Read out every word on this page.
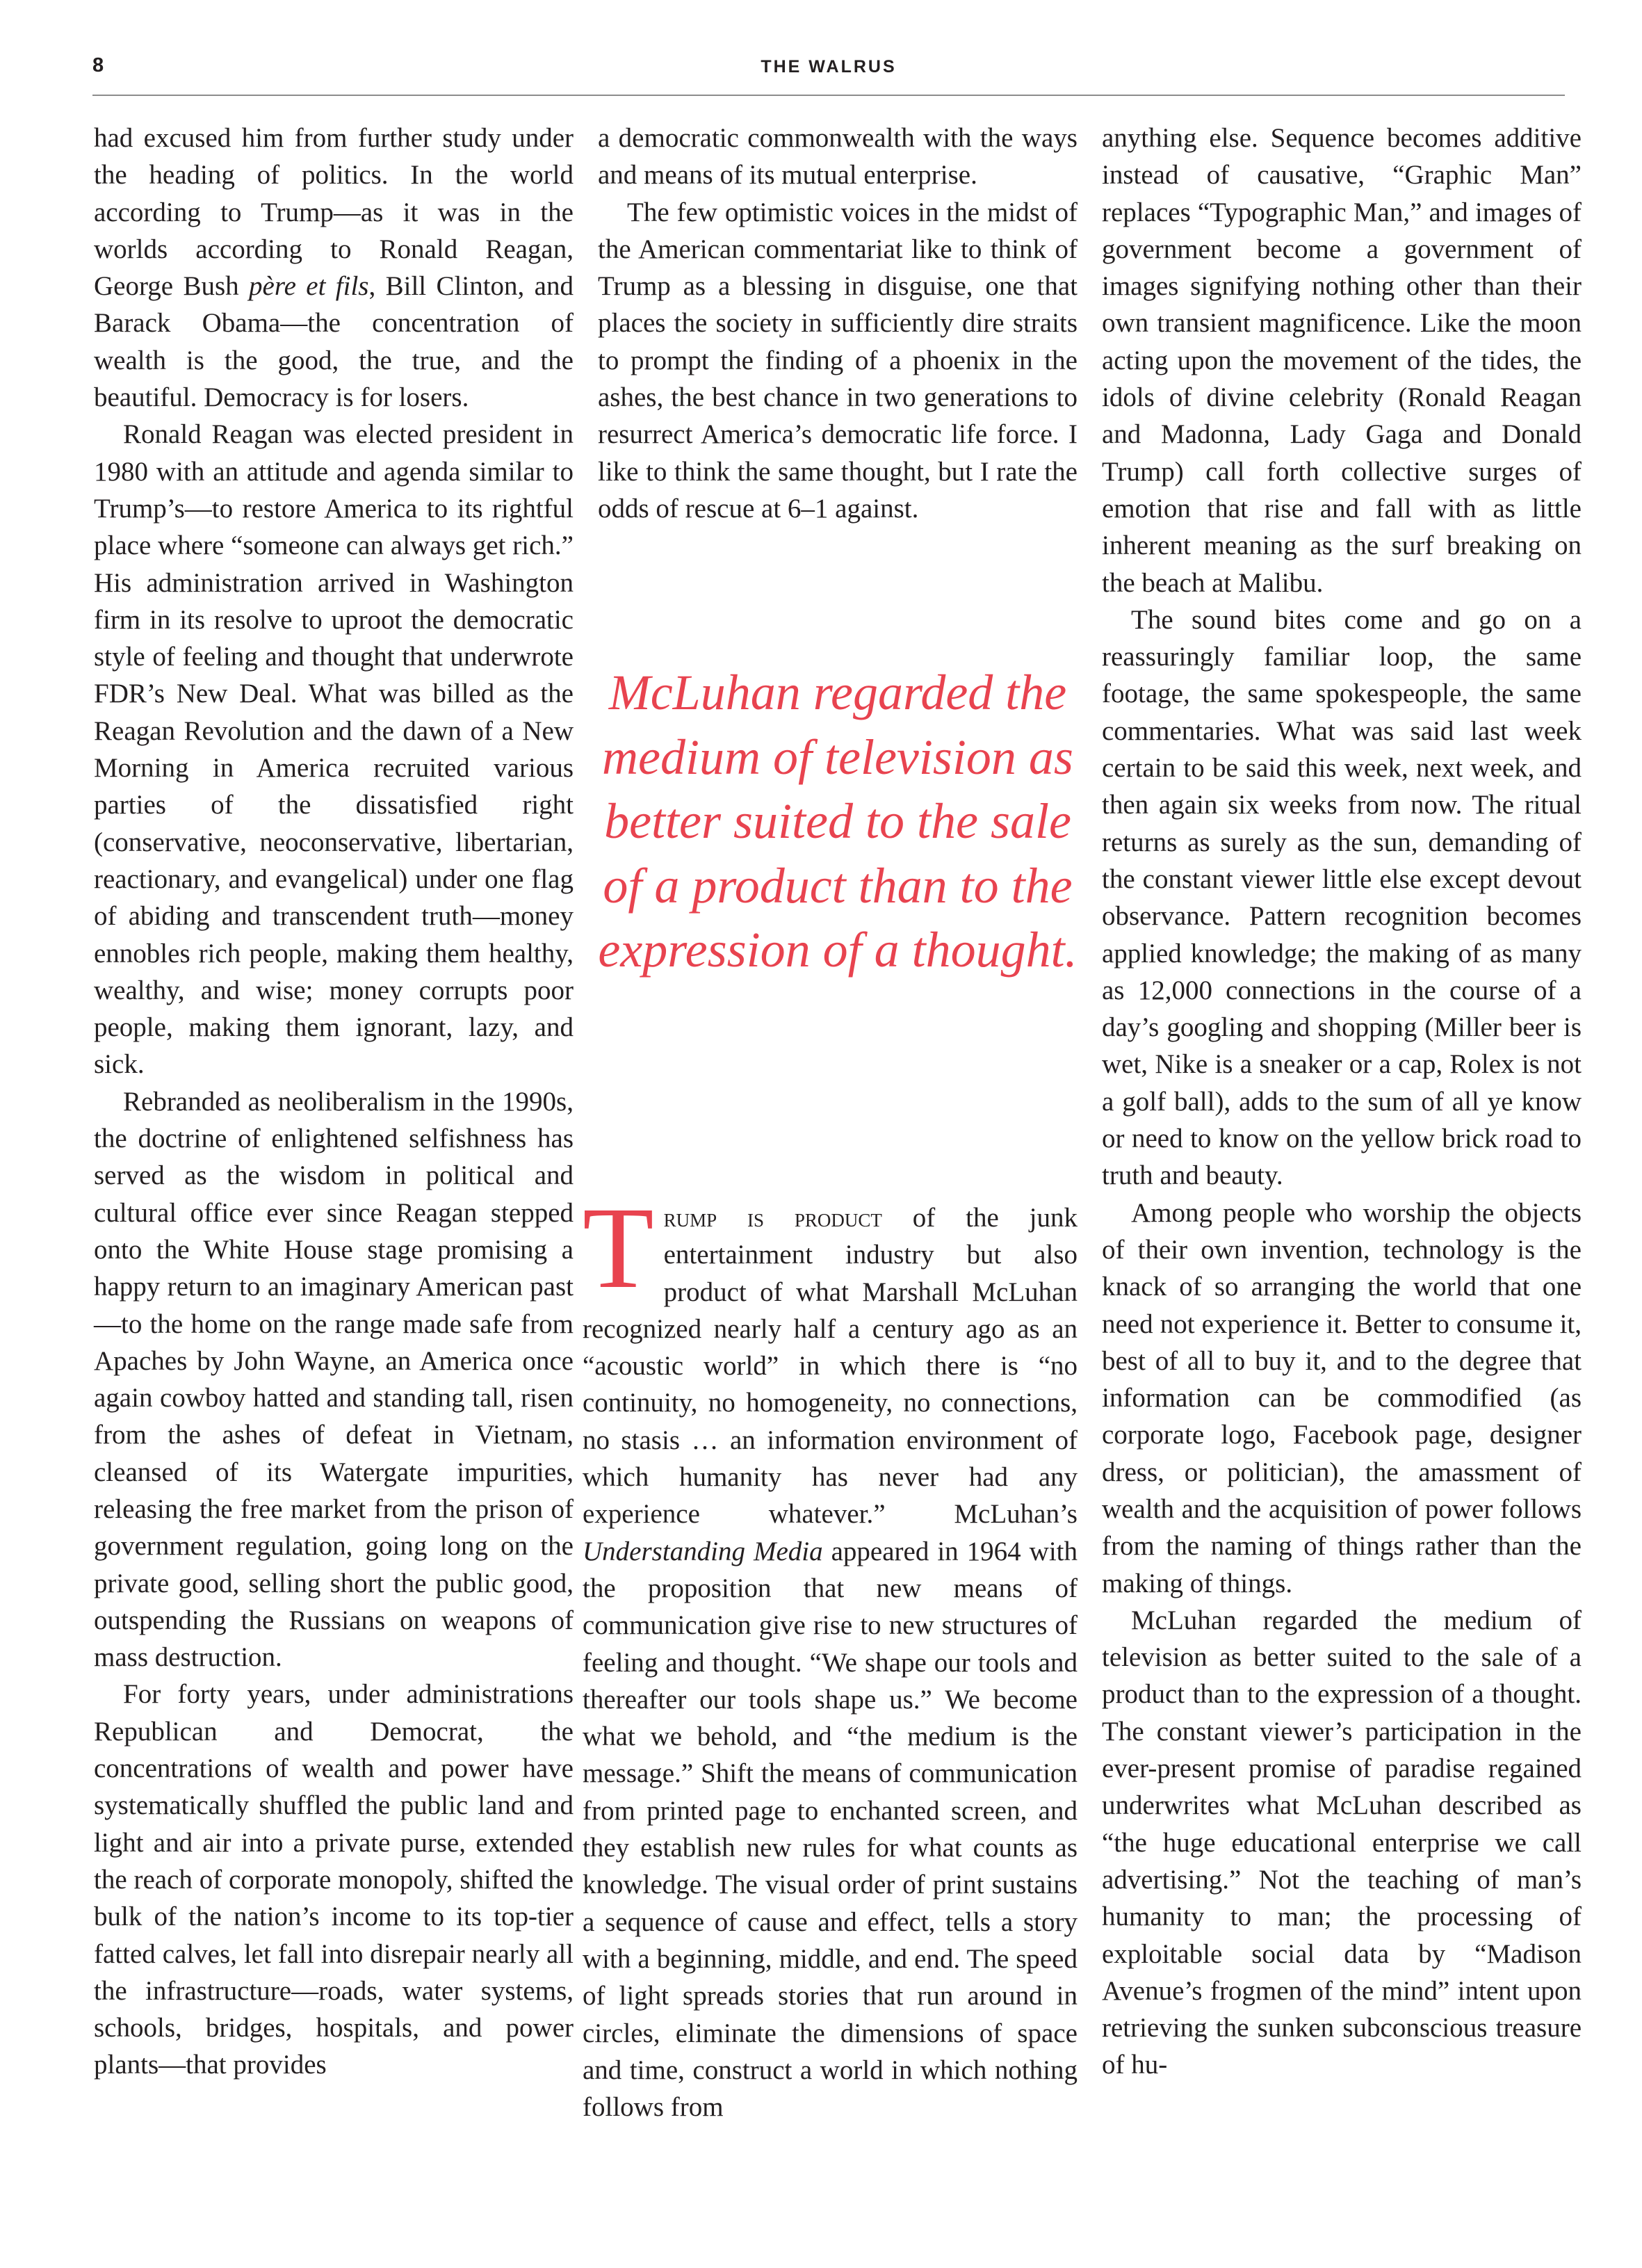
8	THE WALRUS

had excused him from further study under the heading of politics. In the world according to Trump—as it was in the worlds according to Ronald Reagan, George Bush père et fils, Bill Clinton, and Barack Obama—the concentration of wealth is the good, the true, and the beautiful. Democracy is for losers.

Ronald Reagan was elected president in 1980 with an attitude and agenda similar to Trump’s—to restore America to its rightful place where “someone can always get rich.” His administration arrived in Washington firm in its resolve to uproot the democratic style of feeling and thought that underwrote FDR’s New Deal. What was billed as the Reagan Revolution and the dawn of a New Morning in America recruited various parties of the dissatisfied right (conservative, neoconservative, libertarian, reactionary, and evangelical) under one flag of abiding and transcendent truth—money ennobles rich people, making them healthy, wealthy, and wise; money corrupts poor people, making them ignorant, lazy, and sick.

Rebranded as neoliberalism in the 1990s, the doctrine of enlightened selfishness has served as the wisdom in political and cultural office ever since Reagan stepped onto the White House stage promising a happy return to an imaginary American past—to the home on the range made safe from Apaches by John Wayne, an America once again cowboy hatted and standing tall, risen from the ashes of defeat in Vietnam, cleansed of its Watergate impurities, releasing the free market from the prison of government regulation, going long on the private good, selling short the public good, outspending the Russians on weapons of mass destruction.

For forty years, under administrations Republican and Democrat, the concentrations of wealth and power have systematically shuffled the public land and light and air into a private purse, extended the reach of corporate monopoly, shifted the bulk of the nation’s income to its top-tier fatted calves, let fall into disrepair nearly all the infrastructure—roads, water systems, schools, bridges, hospitals, and power plants—that provides

a democratic commonwealth with the ways and means of its mutual enterprise.

The few optimistic voices in the midst of the American commentariat like to think of Trump as a blessing in disguise, one that places the society in sufficiently dire straits to prompt the finding of a phoenix in the ashes, the best chance in two generations to resurrect America’s democratic life force. I like to think the same thought, but I rate the odds of rescue at 6–1 against.

McLuhan regarded the medium of television as better suited to the sale of a product than to the expression of a thought.

Trump is product of the junk entertainment industry but also product of what Marshall McLuhan recognized nearly half a century ago as an “acoustic world” in which there is “no continuity, no homogeneity, no connections, no stasis … an information environment of which humanity has never had any experience whatever.” McLuhan’s Understanding Media appeared in 1964 with the proposition that new means of communication give rise to new structures of feeling and thought. “We shape our tools and thereafter our tools shape us.” We become what we behold, and “the medium is the message.” Shift the means of communication from printed page to enchanted screen, and they establish new rules for what counts as knowledge. The visual order of print sustains a sequence of cause and effect, tells a story with a beginning, middle, and end. The speed of light spreads stories that run around in circles, eliminate the dimensions of space and time, construct a world in which nothing follows from

anything else. Sequence becomes additive instead of causative, “Graphic Man” replaces “Typographic Man,” and images of government become a government of images signifying nothing other than their own transient magnificence. Like the moon acting upon the movement of the tides, the idols of divine celebrity (Ronald Reagan and Madonna, Lady Gaga and Donald Trump) call forth collective surges of emotion that rise and fall with as little inherent meaning as the surf breaking on the beach at Malibu.

The sound bites come and go on a reassuringly familiar loop, the same footage, the same spokespeople, the same commentaries. What was said last week certain to be said this week, next week, and then again six weeks from now. The ritual returns as surely as the sun, demanding of the constant viewer little else except devout observance. Pattern recognition becomes applied knowledge; the making of as many as 12,000 connections in the course of a day’s googling and shopping (Miller beer is wet, Nike is a sneaker or a cap, Rolex is not a golf ball), adds to the sum of all ye know or need to know on the yellow brick road to truth and beauty.

Among people who worship the objects of their own invention, technology is the knack of so arranging the world that one need not experience it. Better to consume it, best of all to buy it, and to the degree that information can be commodified (as corporate logo, Facebook page, designer dress, or politician), the amassment of wealth and the acquisition of power follows from the naming of things rather than the making of things.

McLuhan regarded the medium of television as better suited to the sale of a product than to the expression of a thought. The constant viewer’s participation in the ever-present promise of paradise regained underwrites what McLuhan described as “the huge educational enterprise we call advertising.” Not the teaching of man’s humanity to man; the processing of exploitable social data by “Madison Avenue’s frogmen of the mind” intent upon retrieving the sunken subconscious treasure of hu-
